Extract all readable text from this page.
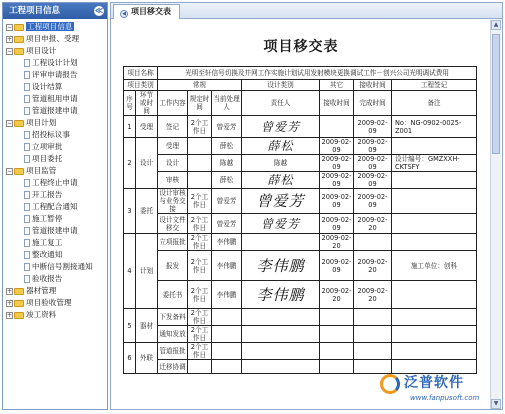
工程项目信息	≪
− 工程项目信息
+ 项目申报、受理
− 项目设计
工程设计计划
评审申请报告
设计结算
管道租用申请
管道报建申请
− 项目计划
招投标议事
立项审批
项目委托
− 项目监管
工程终止申请
开工报告
工程配合通知
施工暂停
管道报建申请
施工复工
整改通知
中断信号割接通知
验收报告
+ 器材管理
+ 项目验收管理
+ 竣工资料
◀ 项目移交表
项目移交表
项目名称		光明至轩信号切换及井网工作实施计划试用发射模块更换调试工作－创兴公司光明调试费用						
项目类别		常规			设计类别	其它	接收时间	工程签记
序号	环节或时间	工作内容	规定时间	当前处理人	责任人	接收时间	完成时间	备注
1	受理	签记	2个工作日	曾爱芳	曾爱芳		2009-02-09	No：NG-0902-0025-Z001
2	设计	受理		薛松	薛松	2009-02-09	2009-02-09	
		设计		陈越	陈越	2009-02-09	2009-02-09	设计编号：GMZXXH-CKTSFY
		审核		薛松	薛松	2009-02-09	2009-02-09	
3	委托	设计审核与业务交接	2个工作日	曾爱芳	曾爱芳	2009-02-09	2009-02-09	
		设计文件移交	2个工作日	曾爱芳	曾爱芳	2009-02-09	2009-02-20	
4	计划	立项报批	2个工作日	李伟鹏		2009-02-20		
		报发	2个工作日	李伟鹏	李伟鹏	2009-02-09	2009-02-20	施工单位：创科
		委托书	2个工作日	李伟鹏	李伟鹏	2009-02-20	2009-02-20	
5	器材	下发备料	2个工作日					
		通知发放	2个工作日					
6	外联	管道报批	2个工作日					
		迁移协调						
▲
▼
泛普软件
www.fanpusoft.com
